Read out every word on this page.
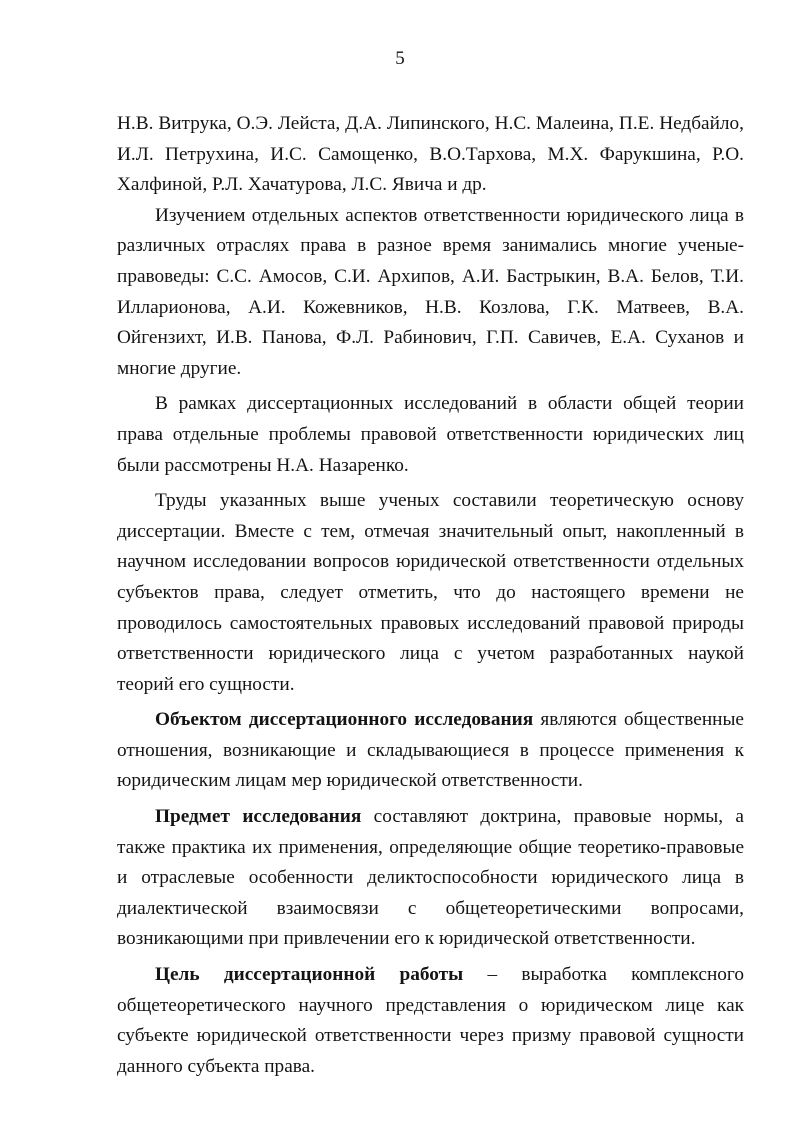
5

Н.В. Витрука, О.Э. Лейста, Д.А. Липинского, Н.С. Малеина, П.Е. Недбайло, И.Л. Петрухина, И.С. Самощенко, В.О.Тархова, М.Х. Фарукшина, Р.О. Халфиной, Р.Л. Хачатурова, Л.С. Явича и др.

Изучением отдельных аспектов ответственности юридического лица в различных отраслях права в разное время занимались многие ученые-правоведы: С.С. Амосов, С.И. Архипов, А.И. Бастрыкин, В.А. Белов, Т.И. Илларионова, А.И. Кожевников, Н.В. Козлова, Г.К. Матвеев, В.А. Ойгензихт, И.В. Панова, Ф.Л. Рабинович, Г.П. Савичев, Е.А. Суханов и многие другие.

В рамках диссертационных исследований в области общей теории права отдельные проблемы правовой ответственности юридических лиц были рассмотрены Н.А. Назаренко.

Труды указанных выше ученых составили теоретическую основу диссертации. Вместе с тем, отмечая значительный опыт, накопленный в научном исследовании вопросов юридической ответственности отдельных субъектов права, следует отметить, что до настоящего времени не проводилось самостоятельных правовых исследований правовой природы ответственности юридического лица с учетом разработанных наукой теорий его сущности.

Объектом диссертационного исследования являются общественные отношения, возникающие и складывающиеся в процессе применения к юридическим лицам мер юридической ответственности.

Предмет исследования составляют доктрина, правовые нормы, а также практика их применения, определяющие общие теоретико-правовые и отраслевые особенности деликтоспособности юридического лица в диалектической взаимосвязи с общетеоретическими вопросами, возникающими при привлечении его к юридической ответственности.

Цель диссертационной работы – выработка комплексного общетеоретического научного представления о юридическом лице как субъекте юридической ответственности через призму правовой сущности данного субъекта права.
